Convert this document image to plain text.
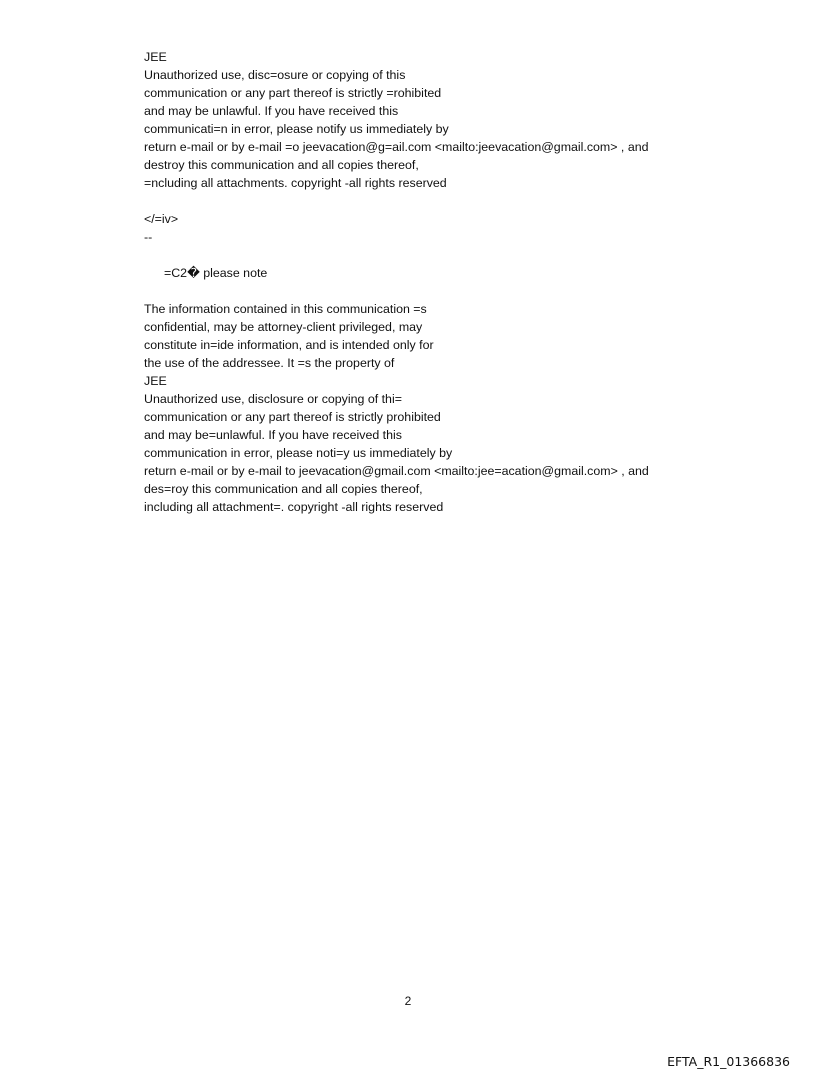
JEE
Unauthorized use, disc=osure or copying of this
communication or any part thereof is strictly =rohibited
and may be unlawful. If you have received this
communicati=n in error, please notify us immediately by
return e-mail or by e-mail =o jeevacation@g=ail.com <mailto:jeevacation@gmail.com> , and
destroy this communication and all copies thereof,
=ncluding all attachments. copyright -all rights reserved
</=iv>
--
=C2� please note
The information contained in this communication =s
confidential, may be attorney-client privileged, may
constitute in=ide information, and is intended only for
the use of the addressee. It =s the property of
JEE
Unauthorized use, disclosure or copying of thi=
communication or any part thereof is strictly prohibited
and may be=unlawful. If you have received this
communication in error, please noti=y us immediately by
return e-mail or by e-mail to jeevacation@gmail.com <mailto:jee=acation@gmail.com> , and
des=roy this communication and all copies thereof,
including all attachment=. copyright -all rights reserved
2
EFTA_R1_01366836
